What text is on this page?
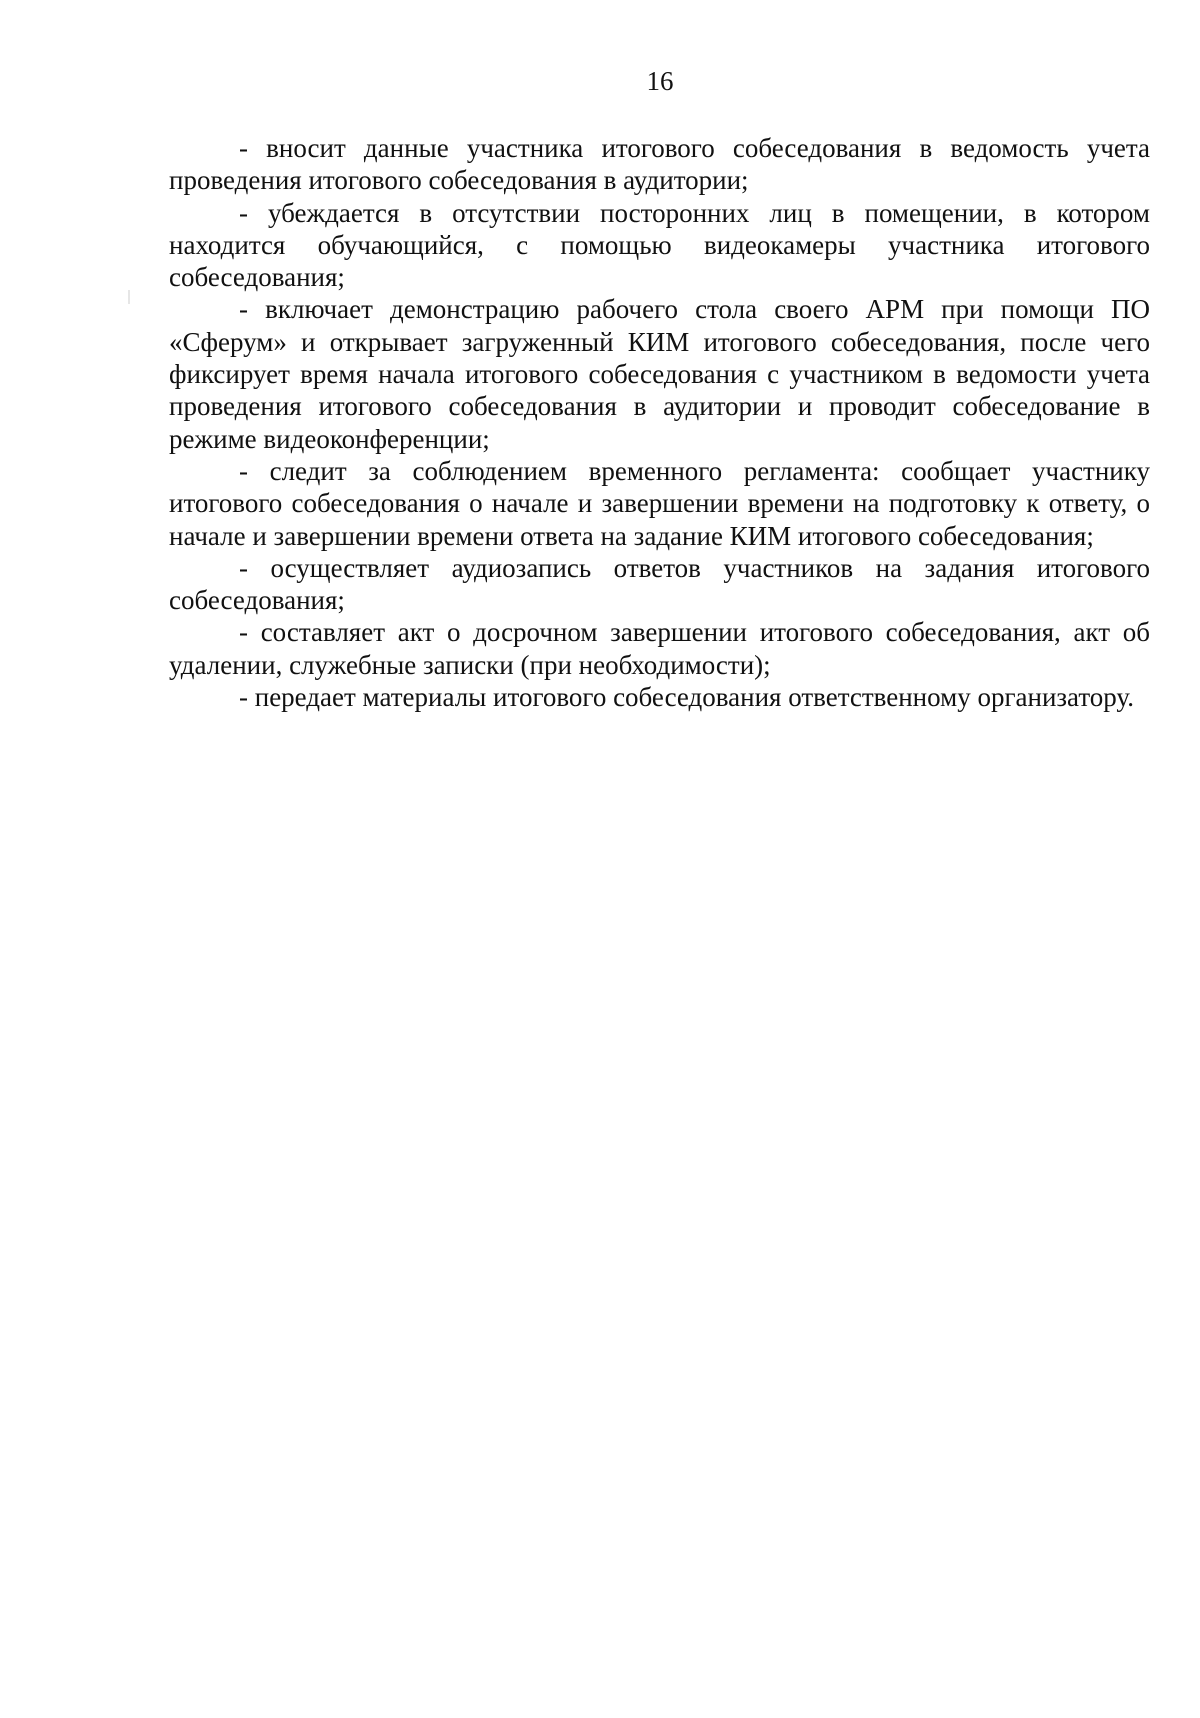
16

- вносит данные участника итогового собеседования в ведомость учета проведения итогового собеседования в аудитории;

- убеждается в отсутствии посторонних лиц в помещении, в котором находится обучающийся, с помощью видеокамеры участника итогового собеседования;

- включает демонстрацию рабочего стола своего АРМ при помощи ПО «Сферум» и открывает загруженный КИМ итогового собеседования, после чего фиксирует время начала итогового собеседования с участником в ведомости учета проведения итогового собеседования в аудитории и проводит собеседование в режиме видеоконференции;

- следит за соблюдением временного регламента: сообщает участнику итогового собеседования о начале и завершении времени на подготовку к ответу, о начале и завершении времени ответа на задание КИМ итогового собеседования;

- осуществляет аудиозапись ответов участников на задания итогового собеседования;

- составляет акт о досрочном завершении итогового собеседования, акт об удалении, служебные записки (при необходимости);

- передает материалы итогового собеседования ответственному организатору.
